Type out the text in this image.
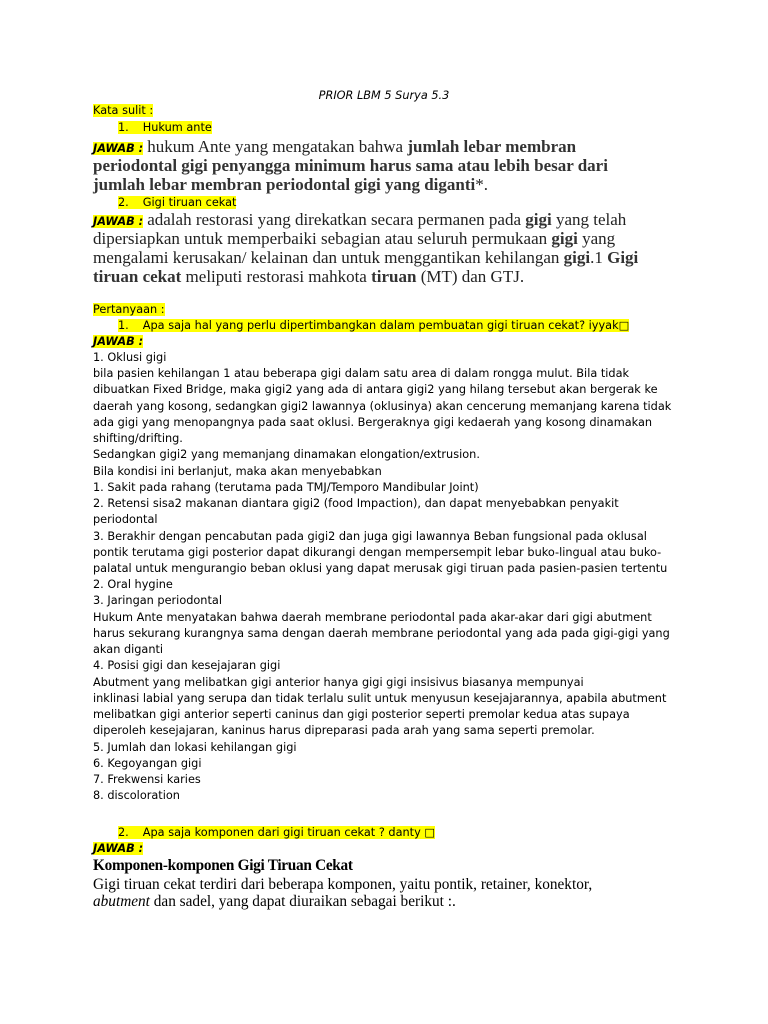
PRIOR LBM 5 Surya 5.3
Kata sulit :
1. Hukum ante
JAWAB : hukum Ante yang mengatakan bahwa jumlah lebar membran
periodontal gigi penyangga minimum harus sama atau lebih besar dari
jumlah lebar membran periodontal gigi yang diganti*.
2. Gigi tiruan cekat
JAWAB : adalah restorasi yang direkatkan secara permanen pada gigi yang telah
dipersiapkan untuk memperbaiki sebagian atau seluruh permukaan gigi yang
mengalami kerusakan/ kelainan dan untuk menggantikan kehilangan gigi.1 Gigi
tiruan cekat meliputi restorasi mahkota tiruan (MT) dan GTJ.
Pertanyaan :
1. Apa saja hal yang perlu dipertimbangkan dalam pembuatan gigi tiruan cekat? iyyak□
JAWAB :
1. Oklusi gigi
bila pasien kehilangan 1 atau beberapa gigi dalam satu area di dalam rongga mulut. Bila tidak
dibuatkan Fixed Bridge, maka gigi2 yang ada di antara gigi2 yang hilang tersebut akan bergerak ke
daerah yang kosong, sedangkan gigi2 lawannya (oklusinya) akan cencerung memanjang karena tidak
ada gigi yang menopangnya pada saat oklusi. Bergeraknya gigi kedaerah yang kosong dinamakan
shifting/drifting.
Sedangkan gigi2 yang memanjang dinamakan elongation/extrusion.
Bila kondisi ini berlanjut, maka akan menyebabkan
1. Sakit pada rahang (terutama pada TMJ/Temporo Mandibular Joint)
2. Retensi sisa2 makanan diantara gigi2 (food Impaction), dan dapat menyebabkan penyakit
periodontal
3. Berakhir dengan pencabutan pada gigi2 dan juga gigi lawannya Beban fungsional pada oklusal
pontik terutama gigi posterior dapat dikurangi dengan mempersempit lebar buko-lingual atau buko-
palatal untuk mengurangio beban oklusi yang dapat merusak gigi tiruan pada pasien-pasien tertentu
2. Oral hygine
3. Jaringan periodontal
Hukum Ante menyatakan bahwa daerah membrane periodontal pada akar-akar dari gigi abutment
harus sekurang kurangnya sama dengan daerah membrane periodontal yang ada pada gigi-gigi yang
akan diganti
4. Posisi gigi dan kesejajaran gigi
Abutment yang melibatkan gigi anterior hanya gigi gigi insisivus biasanya mempunyai
inklinasi labial yang serupa dan tidak terlalu sulit untuk menyusun kesejajarannya, apabila abutment
melibatkan gigi anterior seperti caninus dan gigi posterior seperti premolar kedua atas supaya
diperoleh kesejajaran, kaninus harus dipreparasi pada arah yang sama seperti premolar.
5. Jumlah dan lokasi kehilangan gigi
6. Kegoyangan gigi
7. Frekwensi karies
8. discoloration
2. Apa saja komponen dari gigi tiruan cekat ? danty □
JAWAB :
Komponen-komponen Gigi Tiruan Cekat
Gigi tiruan cekat terdiri dari beberapa komponen, yaitu pontik, retainer, konektor,
abutment dan sadel, yang dapat diuraikan sebagai berikut :.
